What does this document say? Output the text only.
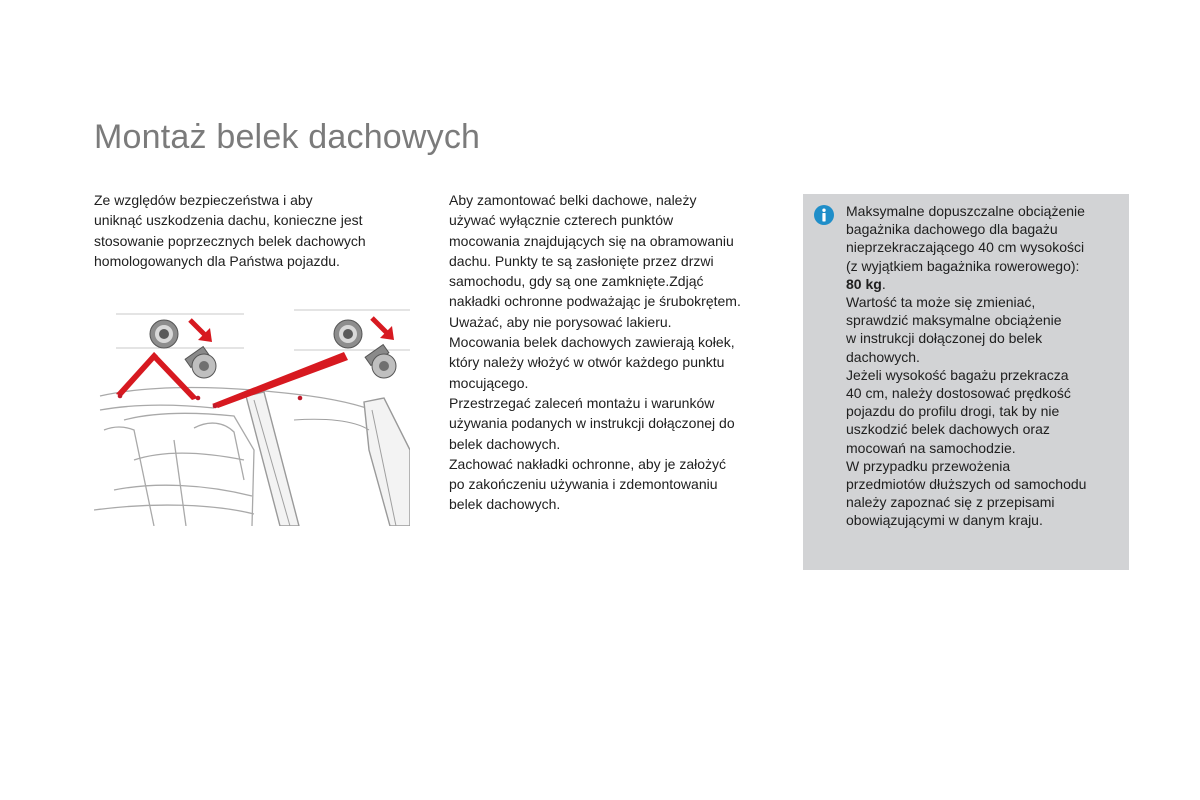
Montaż belek dachowych

Ze względów bezpieczeństwa i aby
uniknąć uszkodzenia dachu, konieczne jest
stosowanie poprzecznych belek dachowych
homologowanych dla Państwa pojazdu.

Aby zamontować belki dachowe, należy
używać wyłącznie czterech punktów
mocowania znajdujących się na obramowaniu
dachu. Punkty te są zasłonięte przez drzwi
samochodu, gdy są one zamknięte.Zdjąć
nakładki ochronne podważając je śrubokrętem.
Uważać, aby nie porysować lakieru.

Mocowania belek dachowych zawierają kołek,
który należy włożyć w otwór każdego punktu
mocującego.

Przestrzegać zaleceń montażu i warunków
używania podanych w instrukcji dołączonej do
belek dachowych.

Zachować nakładki ochronne, aby je założyć
po zakończeniu używania i zdemontowaniu
belek dachowych.

Maksymalne dopuszczalne obciążenie
bagażnika dachowego dla bagażu
nieprzekraczającego 40 cm wysokości
(z wyjątkiem bagażnika rowerowego):
80 kg.
Wartość ta może się zmieniać,
sprawdzić maksymalne obciążenie
w instrukcji dołączonej do belek
dachowych.
Jeżeli wysokość bagażu przekracza
40 cm, należy dostosować prędkość
pojazdu do profilu drogi, tak by nie
uszkodzić belek dachowych oraz
mocowań na samochodzie.
W przypadku przewożenia
przedmiotów dłuższych od samochodu
należy zapoznać się z przepisami
obowiązującymi w danym kraju.
